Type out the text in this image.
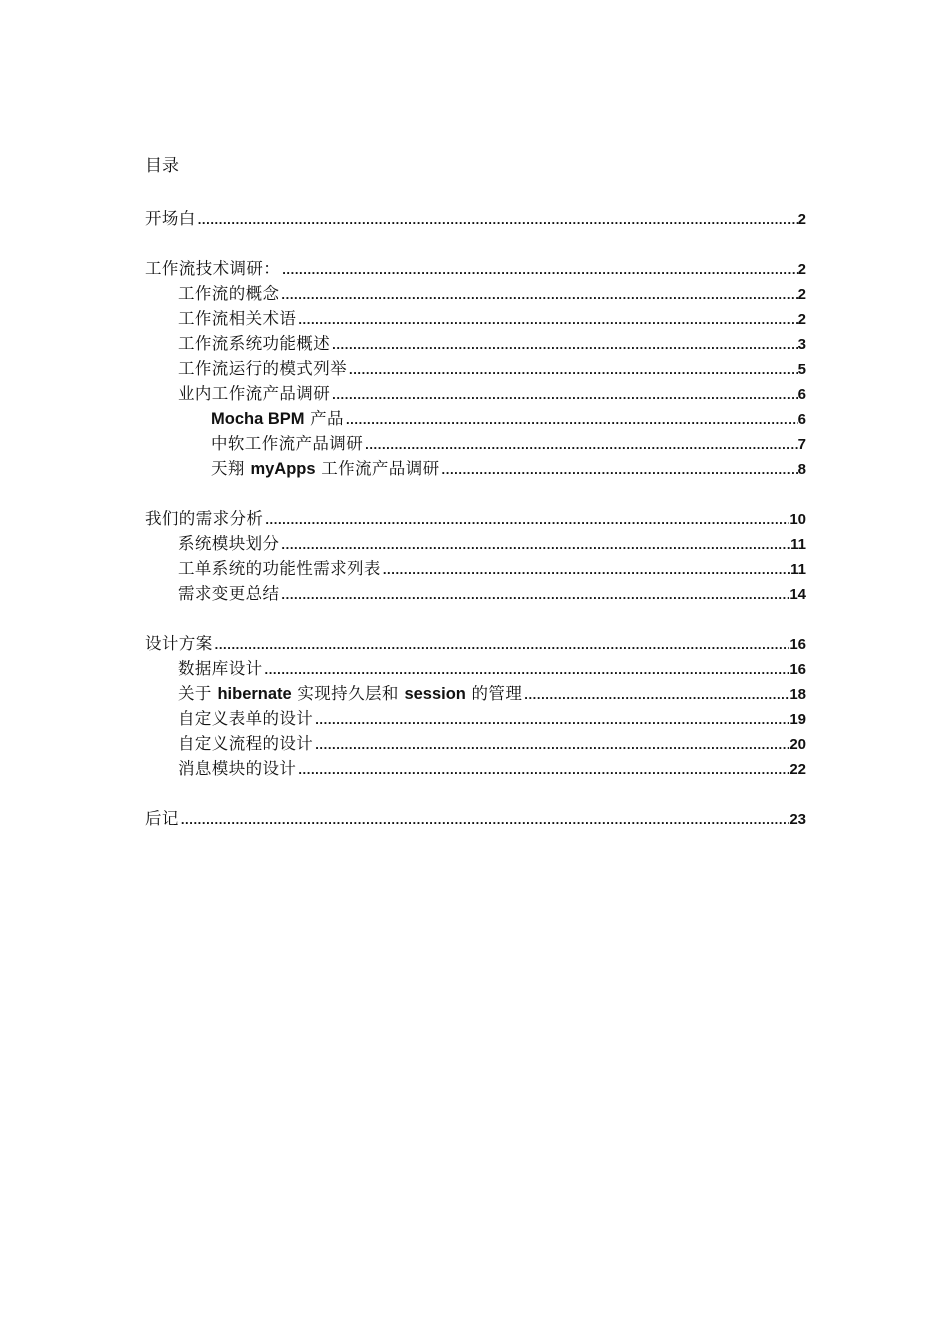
目录
开场白 .....	2
工作流技术调研： .....	2
工作流的概念 .....	2
工作流相关术语 .....	2
工作流系统功能概述 .....	3
工作流运行的模式列举 .....	5
业内工作流产品调研 .....	6
Mocha BPM 产品 .....	6
中软工作流产品调研 .....	7
天翔 myApps 工作流产品调研 .....	8
我们的需求分析 .....	10
系统模块划分 .....	11
工单系统的功能性需求列表 .....	11
需求变更总结 .....	14
设计方案 .....	16
数据库设计 .....	16
关于 hibernate 实现持久层和 session 的管理 .....	18
自定义表单的设计 .....	19
自定义流程的设计 .....	20
消息模块的设计 .....	22
后记 .....	23
